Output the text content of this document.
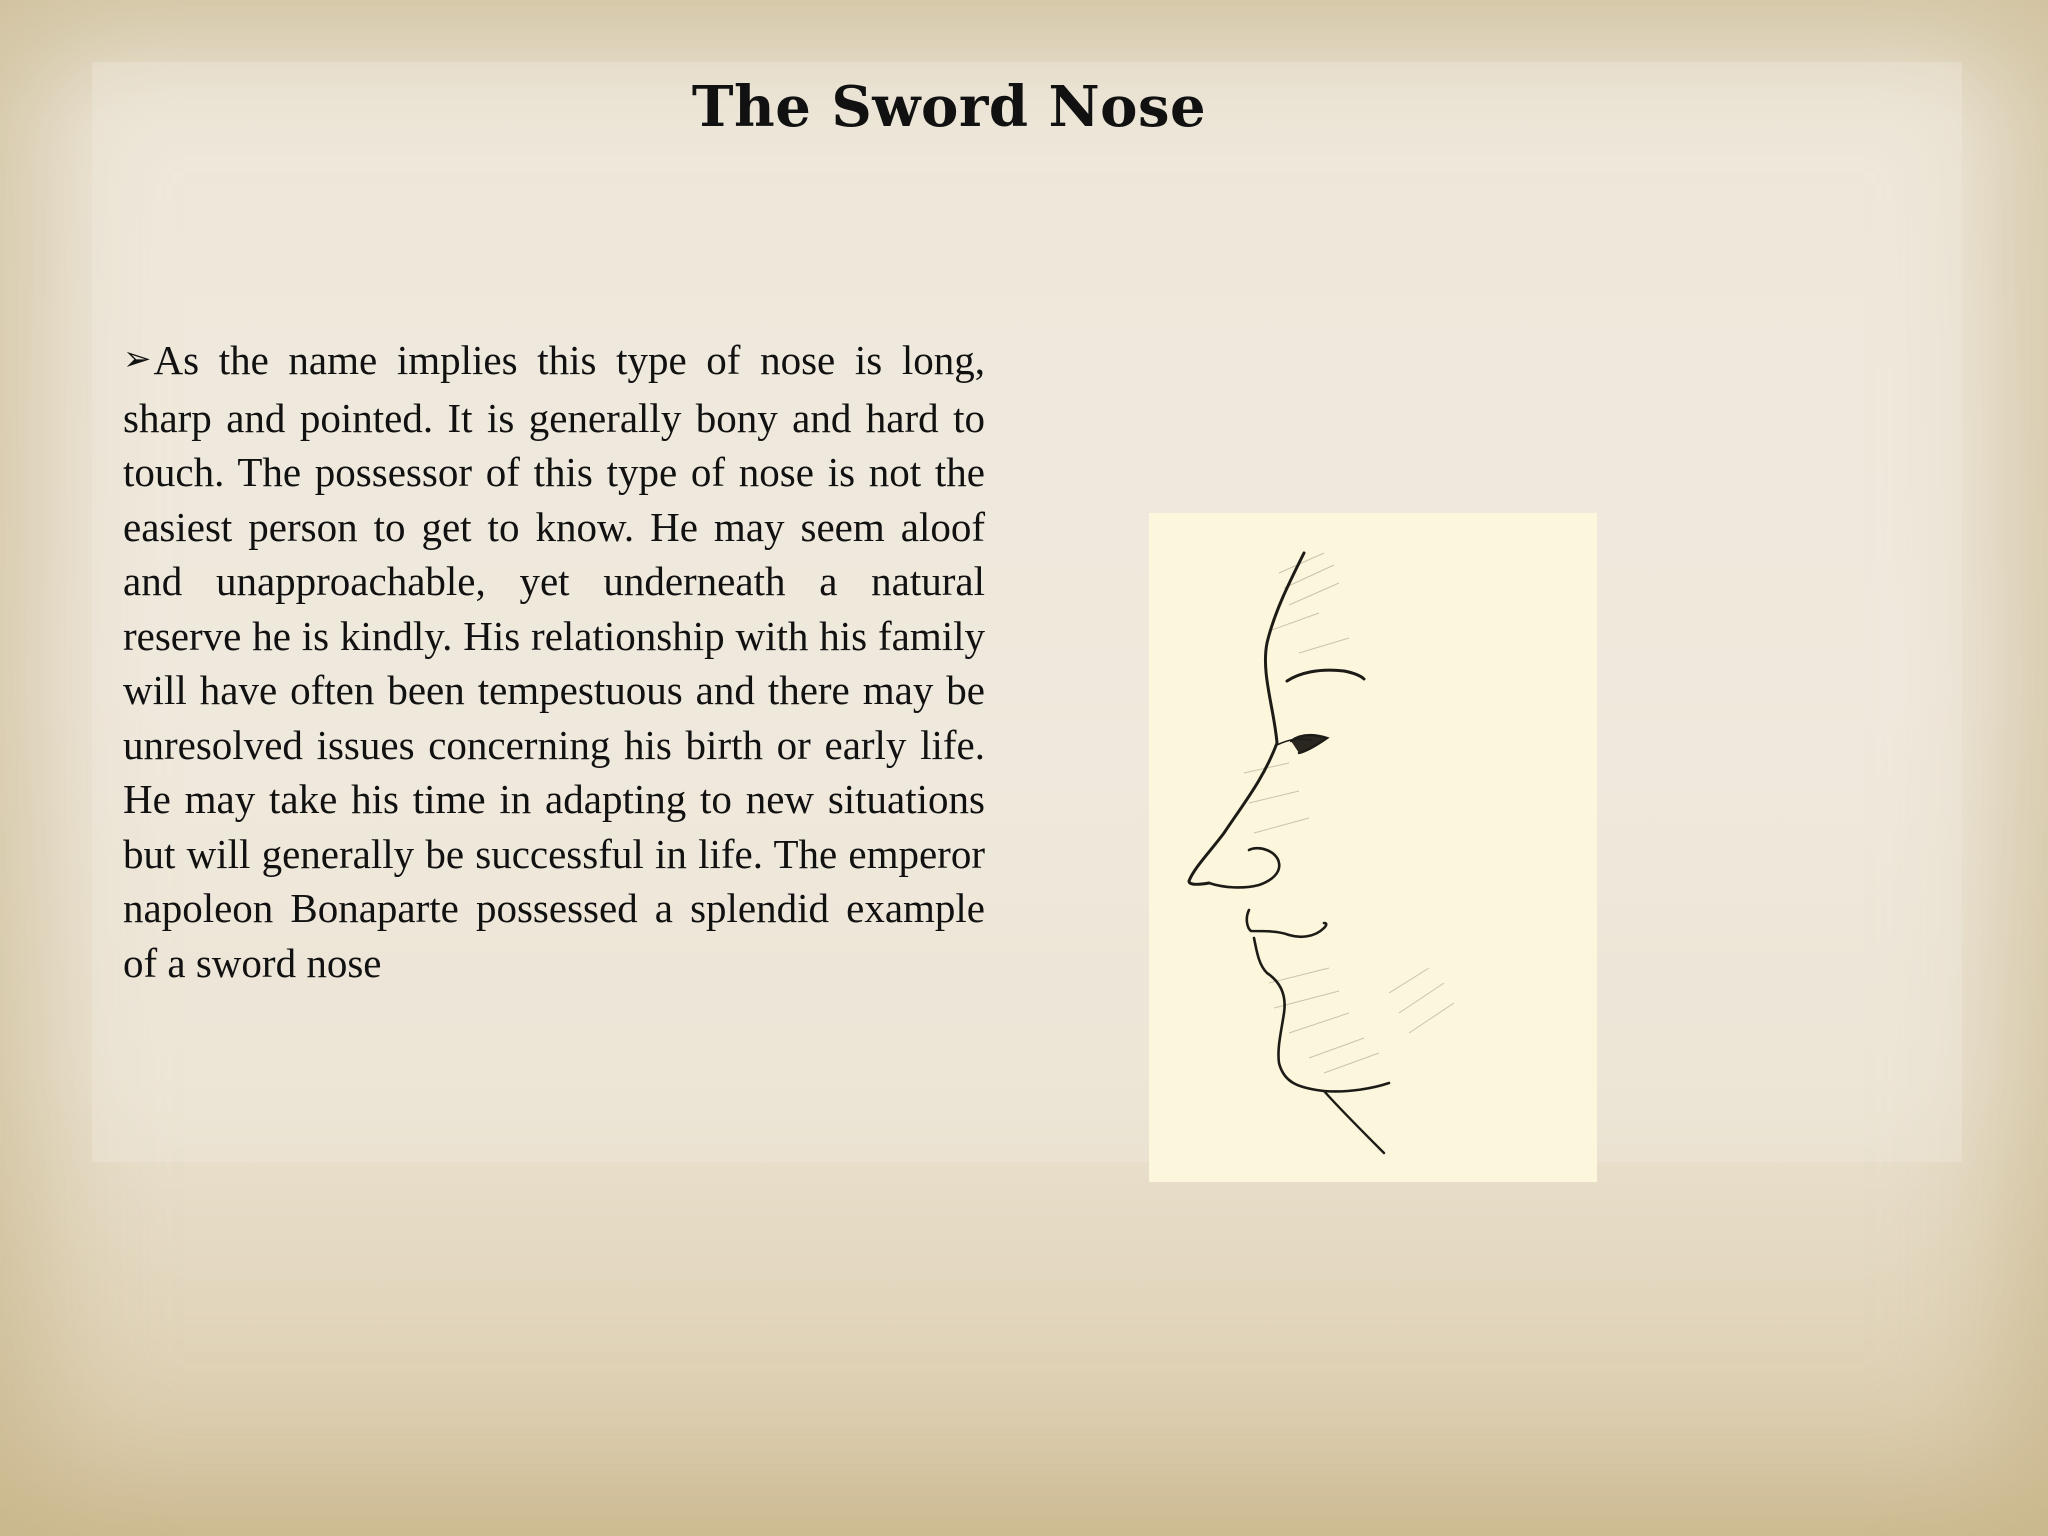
The Sword Nose

➢As the name implies this type of nose is long, sharp and pointed. It is generally bony and hard to touch. The possessor of this type of nose is not the easiest person to get to know. He may seem aloof and unapproachable, yet underneath a natural reserve he is kindly. His relationship with his family will have often been tempestuous and there may be unresolved issues concerning his birth or early life. He may take his time in adapting to new situations but will generally be successful in life. The emperor napoleon Bonaparte possessed a splendid example of a sword nose
